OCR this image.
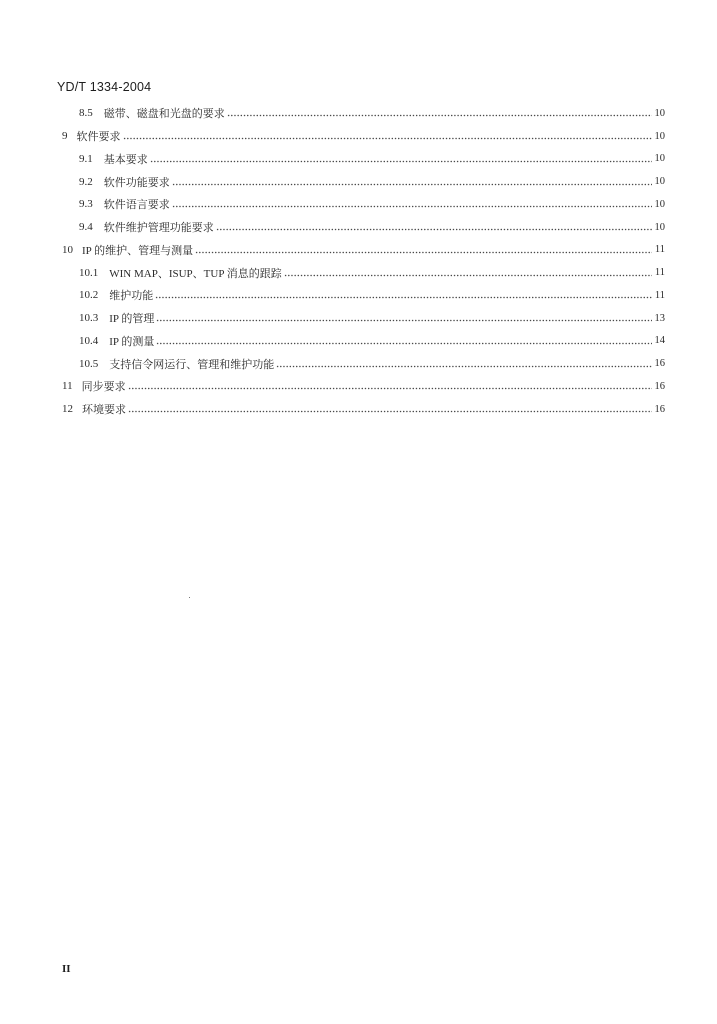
YD/T 1334-2004
8.5 磁带、磁盘和光盘的要求	10
9 软件要求	10
9.1 基本要求	10
9.2 软件功能要求	10
9.3 软件语言要求	10
9.4 软件维护管理功能要求	10
10 IP 的维护、管理与测量	11
10.1 WIN MAP、ISUP、TUP 消息的跟踪	11
10.2 维护功能	11
10.3 IP 的管理	13
10.4 IP 的测量	14
10.5 支持信令网运行、管理和维护功能	16
11 同步要求	16
12 环境要求	16
II
